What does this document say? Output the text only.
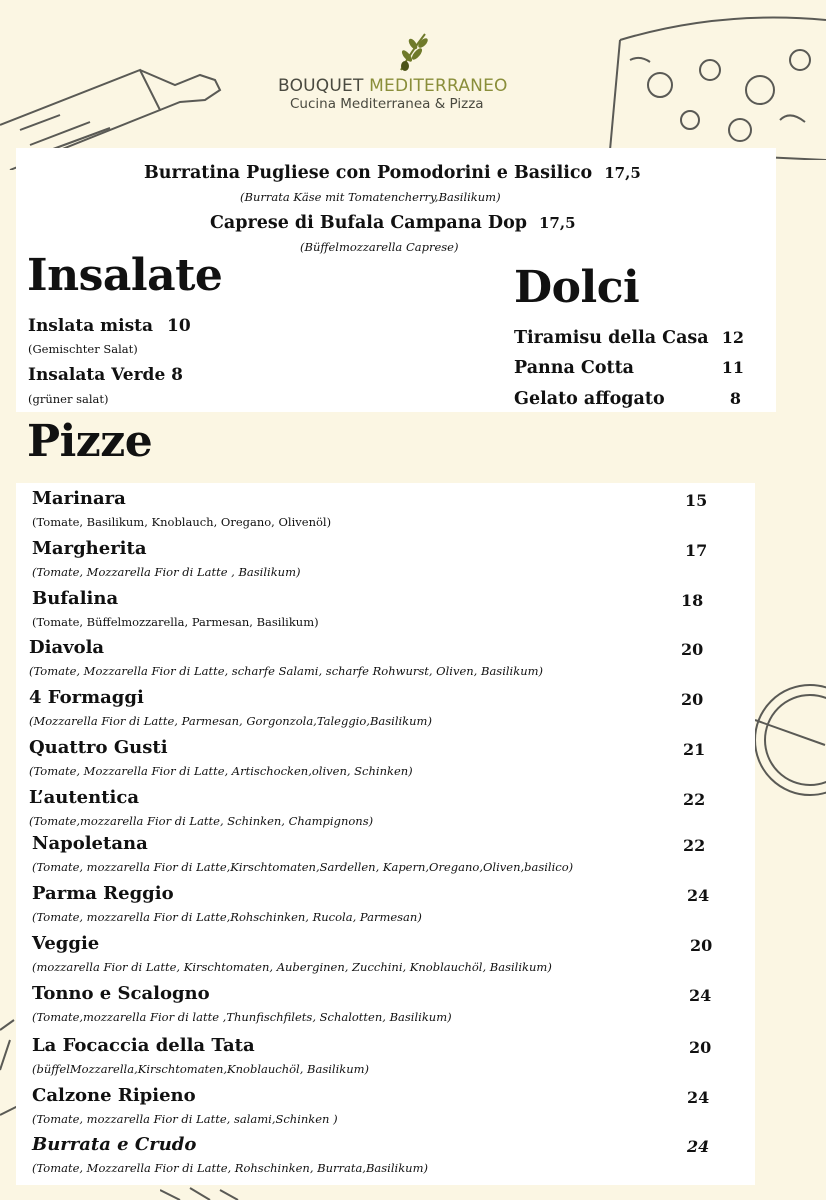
BOUQUET MEDITERRANEO
Cucina Mediterranea & Pizza
Burratina Pugliese con Pomodorini e Basilico 17,5
(Burrata Käse mit Tomatencherry,Basilikum)
Caprese di Bufala Campana Dop 17,5
(Büffelmozzarella Caprese)
Insalate
Inslata mista 10
(Gemischter Salat)
Insalata Verde 8
(grüner salat)
Dolci
Tiramisu della Casa 12
Panna Cotta	11
Gelato affogato	8
Pizze
Marinara	15
(Tomate, Basilikum, Knoblauch, Oregano, Olivenöl)
Margherita	17
(Tomate, Mozzarella Fior di Latte , Basilikum)
Bufalina	18
(Tomate, Büffelmozzarella, Parmesan, Basilikum)
Diavola	20
(Tomate, Mozzarella Fior di Latte, scharfe Salami, scharfe Rohwurst, Oliven, Basilikum)
4 Formaggi	20
(Mozzarella Fior di Latte, Parmesan, Gorgonzola,Taleggio,Basilikum)
Quattro Gusti	21
(Tomate, Mozzarella Fior di Latte, Artischocken,oliven, Schinken)
L’autentica	22
(Tomate,mozzarella Fior di Latte, Schinken, Champignons)
Napoletana	22
(Tomate, mozzarella Fior di Latte,Kirschtomaten,Sardellen, Kapern,Oregano,Oliven,basilico)
Parma Reggio	24
(Tomate, mozzarella Fior di Latte,Rohschinken, Rucola, Parmesan)
Veggie	20
(mozzarella Fior di Latte, Kirschtomaten, Auberginen, Zucchini, Knoblauchöl, Basilikum)
Tonno e Scalogno	24
(Tomate,mozzarella Fior di latte ,Thunfischfilets, Schalotten, Basilikum)
La Focaccia della Tata	20
(büffelMozzarella,Kirschtomaten,Knoblauchöl, Basilikum)
Calzone Ripieno	24
(Tomate, mozzarella Fior di Latte, salami,Schinken )
Burrata e Crudo	24
(Tomate, Mozzarella Fior di Latte, Rohschinken, Burrata,Basilikum)
